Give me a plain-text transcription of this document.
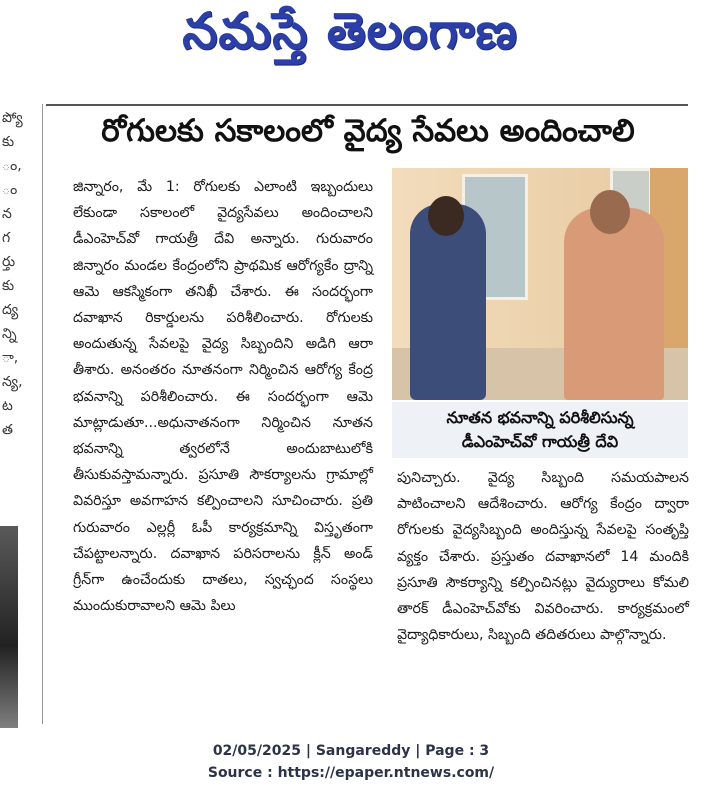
నమస్తే తెలంగాణ
ప్యో కు ం, ం న గ ర్తు కు ద్య న్ని ా, న్య, ట త
రోగులకు సకాలంలో వైద్య సేవలు అందించాలి
జిన్నారం, మే 1: రోగులకు ఎలాంటి ఇబ్బందులు లేకుండా సకాలంలో వైద్యసేవలు అందించాలని డీఎంహెచ్‌వో గాయత్రీ దేవి అన్నారు. గురువారం జిన్నారం మండల కేంద్రంలోని ప్రాథమిక ఆరోగ్యకేం ద్రాన్ని ఆమె ఆకస్మికంగా తనిఖీ చేశారు. ఈ సందర్భంగా దవాఖాన రికార్డులను పరిశీలించారు. రోగులకు అందుతున్న సేవలపై వైద్య సిబ్బందిని అడిగి ఆరా తీశారు. అనంతరం నూతనంగా నిర్మించిన ఆరోగ్య కేంద్ర భవనాన్ని పరిశీలించారు. ఈ సందర్భంగా ఆమె మాట్లాడుతూ...అధునాతనంగా నిర్మించిన నూతన భవనాన్ని త్వరలోనే అందుబాటులోకి తీసుకువస్తామన్నారు. ప్రసూతి సౌకర్యాలను గ్రామాల్లో వివరిస్తూ అవగాహన కల్పించాలని సూచించారు. ప్రతి గురువారం ఎల్లర్లీ ఓపీ కార్యక్రమాన్ని విస్తృతంగా చేపట్టాలన్నారు. దవాఖాన పరిసరాలను క్లీన్ అండ్ గ్రీన్‌గా ఉంచేందుకు దాతలు, స్వచ్ఛంద సంస్థలు ముందుకురావాలని ఆమె పిలు
నూతన భవనాన్ని పరిశీలిసున్న
డీఎంహెచ్‌వో గాయత్రీ దేవి
పునిచ్చారు. వైద్య సిబ్బంది సమయపాలన పాటించాలని ఆదేశించారు. ఆరోగ్య కేంద్రం ద్వారా రోగులకు వైద్యసిబ్బంది అందిస్తున్న సేవలపై సంతృప్తి వ్యక్తం చేశారు. ప్రస్తుతం దవాఖానలో 14 మందికి ప్రసూతి సౌకర్యాన్ని కల్పించినట్లు వైద్యురాలు కోమలి తారక్ డీఎంహెచ్‌వోకు వివరించారు. కార్యక్రమంలో వైద్యాధికారులు, సిబ్బంది తదితరులు పాల్గొన్నారు.
02/05/2025 | Sangareddy | Page : 3
Source : https://epaper.ntnews.com/
